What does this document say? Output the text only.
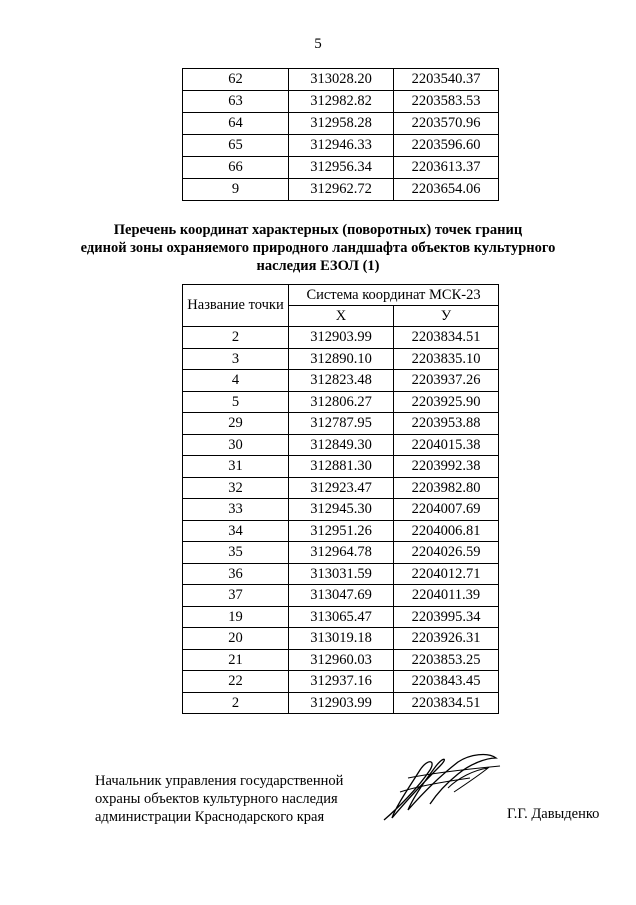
5
62	313028.20	2203540.37
63	312982.82	2203583.53
64	312958.28	2203570.96
65	312946.33	2203596.60
66	312956.34	2203613.37
9	312962.72	2203654.06
Перечень координат характерных (поворотных) точек границ
единой зоны охраняемого природного ландшафта объектов культурного
наследия ЕЗОЛ (1)
Название точки	Система координат МСК-23	
	Х	У
2	312903.99	2203834.51
3	312890.10	2203835.10
4	312823.48	2203937.26
5	312806.27	2203925.90
29	312787.95	2203953.88
30	312849.30	2204015.38
31	312881.30	2203992.38
32	312923.47	2203982.80
33	312945.30	2204007.69
34	312951.26	2204006.81
35	312964.78	2204026.59
36	313031.59	2204012.71
37	313047.69	2204011.39
19	313065.47	2203995.34
20	313019.18	2203926.31
21	312960.03	2203853.25
22	312937.16	2203843.45
2	312903.99	2203834.51
Начальник управления государственной
охраны объектов культурного наследия
администрации Краснодарского края	Г.Г. Давыденко
